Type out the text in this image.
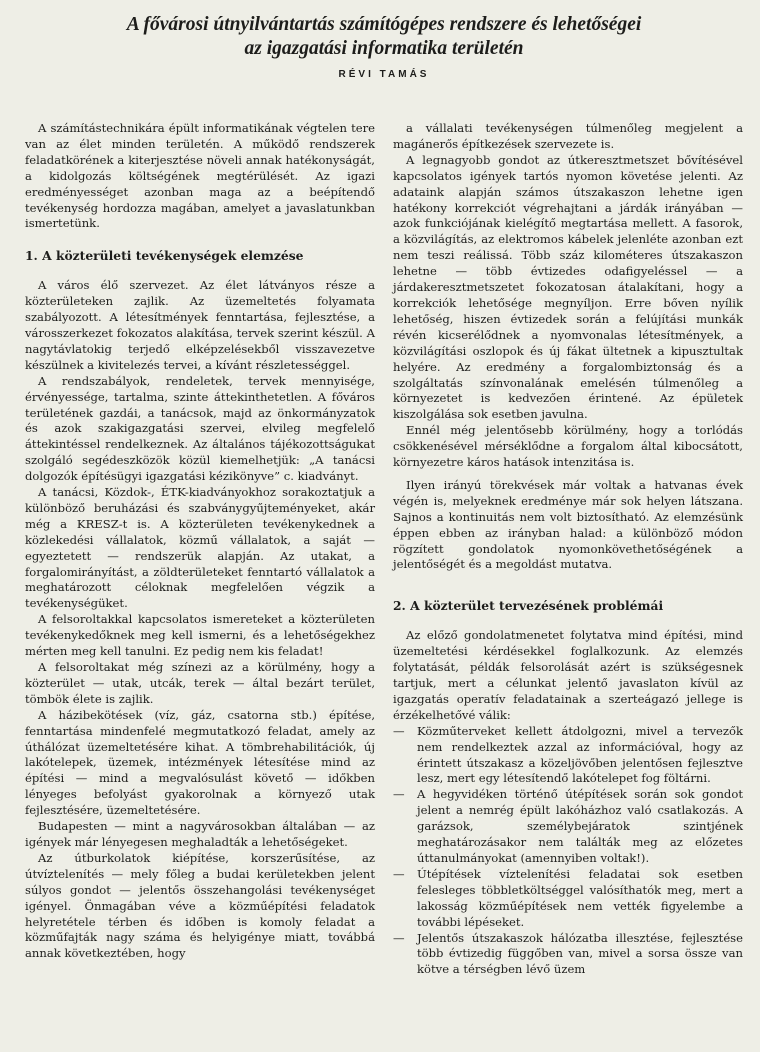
A fővárosi útnyilvántartás számítógépes rendszere és lehetőségei
az igazgatási informatika területén
RÉVI TAMÁS

A számítástechnikára épült informatikának végtelen tere van az élet minden területén. A működő rendszerek feladatkörének a kiterjesztése növeli annak hatékonyságát, a kidolgozás költségének megtérülését. Az igazi eredményességet azonban maga az a beépítendő tevékenység hordozza magában, amelyet a javaslatunkban ismertetünk.

1. A közterületi tevékenységek elemzése

A város élő szervezet. Az élet látványos része a közterületeken zajlik. Az üzemeltetés folyamata szabályozott. A létesítmények fenntartása, fejlesztése, a városszerkezet fokozatos alakítása, tervek szerint készül. A nagytávlatokig terjedő elképzelésekből visszavezetve készülnek a kivitelezés tervei, a kívánt részletességgel.

A rendszabályok, rendeletek, tervek mennyisége, érvényessége, tartalma, szinte áttekinthetetlen. A főváros területének gazdái, a tanácsok, majd az önkormányzatok és azok szakigazgatási szervei, elvileg megfelelő áttekintéssel rendelkeznek. Az általános tájékozottságukat szolgáló segédeszközök közül kiemelhetjük: „A tanácsi dolgozók építésügyi igazgatási kézikönyve” c. kiadványt.

A tanácsi, Közdok-, ÉTK-kiadványokhoz sorakoztatjuk a különböző beruházási és szabványgyűjteményeket, akár még a KRESZ-t is. A közterületen tevékenykednek a közlekedési vállalatok, közmű vállalatok, a saját — egyeztetett — rendszerük alapján. Az utakat, a forgalomirányítást, a zöldterületeket fenntartó vállalatok a meghatározott céloknak megfelelően végzik a tevékenységüket.

A felsoroltakkal kapcsolatos ismereteket a közterületen tevékenykedőknek meg kell ismerni, és a lehetőségekhez mérten meg kell tanulni. Ez pedig nem kis feladat!

A felsoroltakat még színezi az a körülmény, hogy a közterület — utak, utcák, terek — által bezárt terület, tömbök élete is zajlik.

A házibekötések (víz, gáz, csatorna stb.) építése, fenntartása mindenfelé megmutatkozó feladat, amely az úthálózat üzemeltetésére kihat. A tömbrehabilitációk, új lakótelepek, üzemek, intézmények létesítése mind az építési — mind a megvalósulást követő — időkben lényeges befolyást gyakorolnak a környező utak fejlesztésére, üzemeltetésére.

Budapesten — mint a nagyvárosokban általában — az igények már lényegesen meghaladták a lehetőségeket.

Az útburkolatok kiépítése, korszerűsítése, az útvíztelenítés — mely főleg a budai kerületekben jelent súlyos gondot — jelentős összehangolási tevékenységet igényel. Önmagában véve a közműépítési feladatok helyretétele térben és időben is komoly feladat a közműfajták nagy száma és helyigénye miatt, továbbá annak következtében, hogy

a vállalati tevékenységen túlmenőleg megjelent a magánerős építkezések szervezete is.

A legnagyobb gondot az útkeresztmetszet bővítésével kapcsolatos igények tartós nyomon követése jelenti. Az adataink alapján számos útszakaszon lehetne igen hatékony korrekciót végrehajtani a járdák irányában — azok funkciójának kielégítő megtartása mellett. A fasorok, a közvilágítás, az elektromos kábelek jelenléte azonban ezt nem teszi reálissá. Több száz kilométeres útszakaszon lehetne — több évtizedes odafigyeléssel — a járdakeresztmetszetet fokozatosan átalakítani, hogy a korrekciók lehetősége megnyíljon. Erre bőven nyílik lehetőség, hiszen évtizedek során a felújítási munkák révén kicserélődnek a nyomvonalas létesítmények, a közvilágítási oszlopok és új fákat ültetnek a kipusztultak helyére. Az eredmény a forgalombiztonság és a szolgáltatás színvonalának emelésén túlmenőleg a környezetet is kedvezően érintené. Az épületek kiszolgálása sok esetben javulna.

Ennél még jelentősebb körülmény, hogy a torlódás csökkenésével mérséklődne a forgalom által kibocsátott, környezetre káros hatások intenzitása is.

Ilyen irányú törekvések már voltak a hatvanas évek végén is, melyeknek eredménye már sok helyen látszana. Sajnos a kontinuitás nem volt biztosítható. Az elemzésünk éppen ebben az irányban halad: a különböző módon rögzített gondolatok nyomonkövethetőségének a jelentőségét és a megoldást mutatva.

2. A közterület tervezésének problémái

Az előző gondolatmenetet folytatva mind építési, mind üzemeltetési kérdésekkel foglalkozunk. Az elemzés folytatását, példák felsorolását azért is szükségesnek tartjuk, mert a célunkat jelentő javaslaton kívül az igazgatás operatív feladatainak a szerteágazó jellege is érzékelhetővé válik:

— Közműterveket kellett átdolgozni, mivel a tervezők nem rendelkeztek azzal az információval, hogy az érintett útszakasz a közeljövőben jelentősen fejlesztve lesz, mert egy létesítendő lakótelepet fog föltárni.
— A hegyvidéken történő útépítések során sok gondot jelent a nemrég épült lakóházhoz való csatlakozás. A garázsok, személybejáratok szintjének meghatározásakor nem találták meg az előzetes úttanulmányokat (amennyiben voltak!).
— Útépítések víztelenítési feladatai sok esetben felesleges többletköltséggel valósíthatók meg, mert a lakosság közműépítések nem vették figyelembe a további lépéseket.
— Jelentős útszakaszok hálózatba illesztése, fejlesztése több évtizedig függőben van, mivel a sorsa össze van kötve a térségben lévő üzem
